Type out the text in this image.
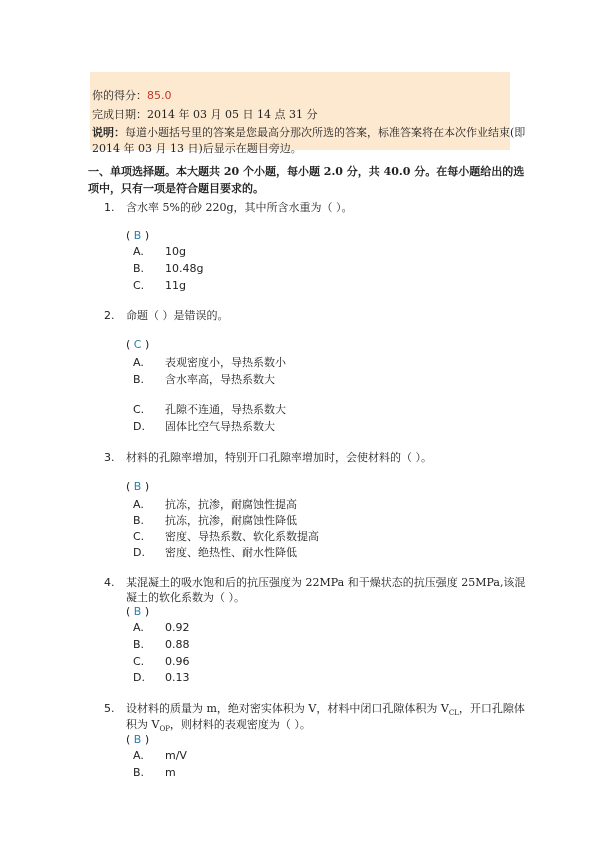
你的得分：85.0
完成日期：2014 年 03 月 05 日 14 点 31 分
说明：每道小题括号里的答案是您最高分那次所选的答案，标准答案将在本次作业结束(即
2014 年 03 月 13 日)后显示在题目旁边。
一、单项选择题。本大题共 20 个小题，每小题 2.0 分，共 40.0 分。在每小题给出的选
项中，只有一项是符合题目要求的。
1. 含水率 5%的砂 220g，其中所含水重为（ ）。
( B )
A. 10g
B. 10.48g
C. 11g
2. 命题（ ）是错误的。
( C )
A. 表观密度小，导热系数小
B. 含水率高，导热系数大
C. 孔隙不连通，导热系数大
D. 固体比空气导热系数大
3. 材料的孔隙率增加，特别开口孔隙率增加时，会使材料的（ ）。
( B )
A. 抗冻，抗渗，耐腐蚀性提高
B. 抗冻，抗渗，耐腐蚀性降低
C. 密度、导热系数、软化系数提高
D. 密度、绝热性、耐水性降低
4. 某混凝土的吸水饱和后的抗压强度为 22MPa 和干燥状态的抗压强度 25MPa,该混
凝土的软化系数为（ ）。
( B )
A. 0.92
B. 0.88
C. 0.96
D. 0.13
5. 设材料的质量为 m，绝对密实体积为 V，材料中闭口孔隙体积为 $V_{CL}$，开口孔隙体
积为 $V_{OP}$，则材料的表观密度为（ ）。
( B )
A. m/V
B. m
